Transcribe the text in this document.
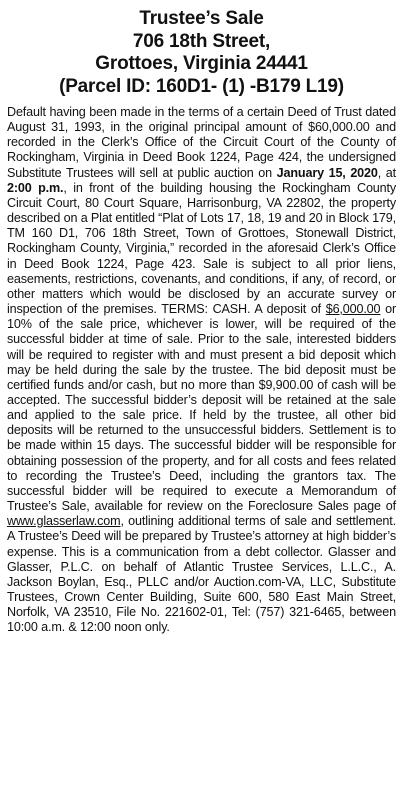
Trustee’s Sale
706 18th Street,
Grottoes, Virginia 24441
(Parcel ID: 160D1- (1) -B179 L19)

Default having been made in the terms of a certain Deed of Trust dated August 31, 1993, in the original principal amount of $60,000.00 and recorded in the Clerk’s Office of the Circuit Court of the County of Rockingham, Virginia in Deed Book 1224, Page 424, the undersigned Substitute Trustees will sell at public auction on January 15, 2020, at 2:00 p.m., in front of the building housing the Rockingham County Circuit Court, 80 Court Square, Harrisonburg, VA 22802, the property described on a Plat entitled “Plat of Lots 17, 18, 19 and 20 in Block 179, TM 160 D1, 706 18th Street, Town of Grottoes, Stonewall District, Rockingham County, Virginia,” recorded in the aforesaid Clerk’s Office in Deed Book 1224, Page 423. Sale is subject to all prior liens, easements, restrictions, covenants, and conditions, if any, of record, or other matters which would be disclosed by an accurate survey or inspection of the premises. TERMS: CASH. A deposit of $6,000.00 or 10% of the sale price, whichever is lower, will be required of the successful bidder at time of sale. Prior to the sale, interested bidders will be required to register with and must present a bid deposit which may be held during the sale by the trustee. The bid deposit must be certified funds and/or cash, but no more than $9,900.00 of cash will be accepted. The successful bidder’s deposit will be retained at the sale and applied to the sale price. If held by the trustee, all other bid deposits will be returned to the unsuccessful bidders. Settlement is to be made within 15 days. The successful bidder will be responsible for obtaining possession of the property, and for all costs and fees related to recording the Trustee’s Deed, including the grantors tax. The successful bidder will be required to execute a Memorandum of Trustee’s Sale, available for review on the Foreclosure Sales page of www.glasserlaw.com, outlining additional terms of sale and settlement. A Trustee’s Deed will be prepared by Trustee’s attorney at high bidder’s expense. This is a communication from a debt collector. Glasser and Glasser, P.L.C. on behalf of Atlantic Trustee Services, L.L.C., A. Jackson Boylan, Esq., PLLC and/or Auction.com-VA, LLC, Substitute Trustees, Crown Center Building, Suite 600, 580 East Main Street, Norfolk, VA 23510, File No. 221602-01, Tel: (757) 321-6465, between 10:00 a.m. & 12:00 noon only.
